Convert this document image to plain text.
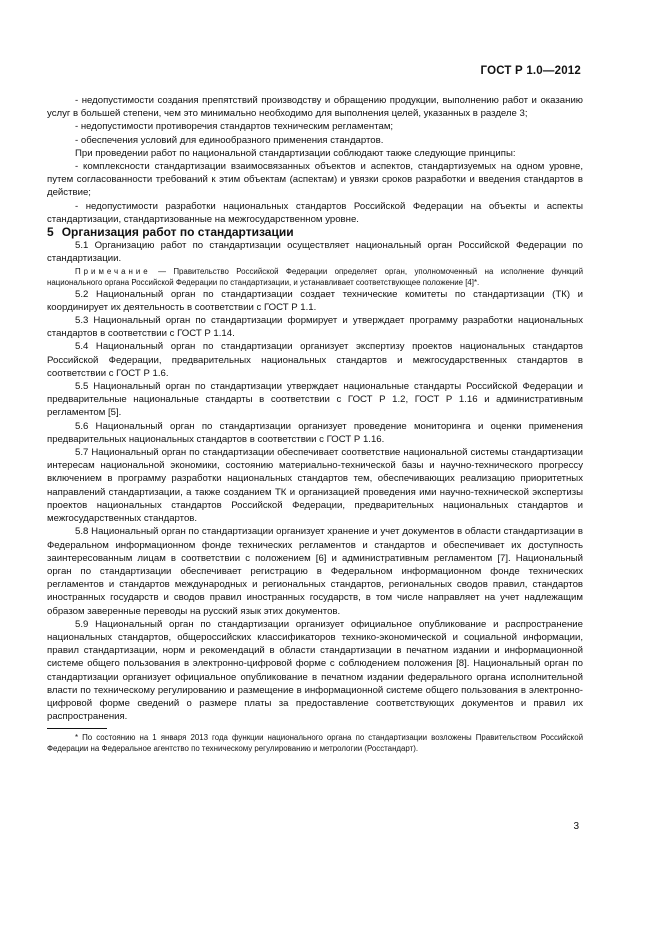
ГОСТ Р 1.0—2012

- недопустимости создания препятствий производству и обращению продукции, выполнению работ и оказанию услуг в большей степени, чем это минимально необходимо для выполнения целей, указанных в разделе 3;

- недопустимости противоречия стандартов техническим регламентам;

- обеспечения условий для единообразного применения стандартов.

При проведении работ по национальной стандартизации соблюдают также следующие принципы:

- комплексности стандартизации взаимосвязанных объектов и аспектов, стандартизуемых на одном уровне, путем согласованности требований к этим объектам (аспектам) и увязки сроков разработки и введения стандартов в действие;

- недопустимости разработки национальных стандартов Российской Федерации на объекты и аспекты стандартизации, стандартизованные на межгосударственном уровне.

5 Организация работ по стандартизации

5.1 Организацию работ по стандартизации осуществляет национальный орган Российской Федерации по стандартизации.

Примечание — Правительство Российской Федерации определяет орган, уполномоченный на исполнение функций национального органа Российской Федерации по стандартизации, и устанавливает соответствующее положение [4]*.

5.2 Национальный орган по стандартизации создает технические комитеты по стандартизации (ТК) и координирует их деятельность в соответствии с ГОСТ Р 1.1.

5.3 Национальный орган по стандартизации формирует и утверждает программу разработки национальных стандартов в соответствии с ГОСТ Р 1.14.

5.4 Национальный орган по стандартизации организует экспертизу проектов национальных стандартов Российской Федерации, предварительных национальных стандартов и межгосударственных стандартов в соответствии с ГОСТ Р 1.6.

5.5 Национальный орган по стандартизации утверждает национальные стандарты Российской Федерации и предварительные национальные стандарты в соответствии с ГОСТ Р 1.2, ГОСТ Р 1.16 и административным регламентом [5].

5.6 Национальный орган по стандартизации организует проведение мониторинга и оценки применения предварительных национальных стандартов в соответствии с ГОСТ Р 1.16.

5.7 Национальный орган по стандартизации обеспечивает соответствие национальной системы стандартизации интересам национальной экономики, состоянию материально-технической базы и научно-технического прогрессу включением в программу разработки национальных стандартов тем, обеспечивающих реализацию приоритетных направлений стандартизации, а также созданием ТК и организацией проведения ими научно-технической экспертизы проектов национальных стандартов Российской Федерации, предварительных национальных стандартов и межгосударственных стандартов.

5.8 Национальный орган по стандартизации организует хранение и учет документов в области стандартизации в Федеральном информационном фонде технических регламентов и стандартов и обеспечивает их доступность заинтересованным лицам в соответствии с положением [6] и административным регламентом [7]. Национальный орган по стандартизации обеспечивает регистрацию в Федеральном информационном фонде технических регламентов и стандартов международных и региональных стандартов, региональных сводов правил, стандартов иностранных государств и сводов правил иностранных государств, в том числе направляет на учет надлежащим образом заверенные переводы на русский язык этих документов.

5.9 Национальный орган по стандартизации организует официальное опубликование и распространение национальных стандартов, общероссийских классификаторов технико-экономической и социальной информации, правил стандартизации, норм и рекомендаций в области стандартизации в печатном издании и информационной системе общего пользования в электронно-цифровой форме с соблюдением положения [8]. Национальный орган по стандартизации организует официальное опубликование в печатном издании федерального органа исполнительной власти по техническому регулированию и размещение в информационной системе общего пользования в электронно-цифровой форме сведений о размере платы за предоставление соответствующих документов и правил их распространения.

* По состоянию на 1 января 2013 года функции национального органа по стандартизации возложены Правительством Российской Федерации на Федеральное агентство по техническому регулированию и метрологии (Росстандарт).

3
